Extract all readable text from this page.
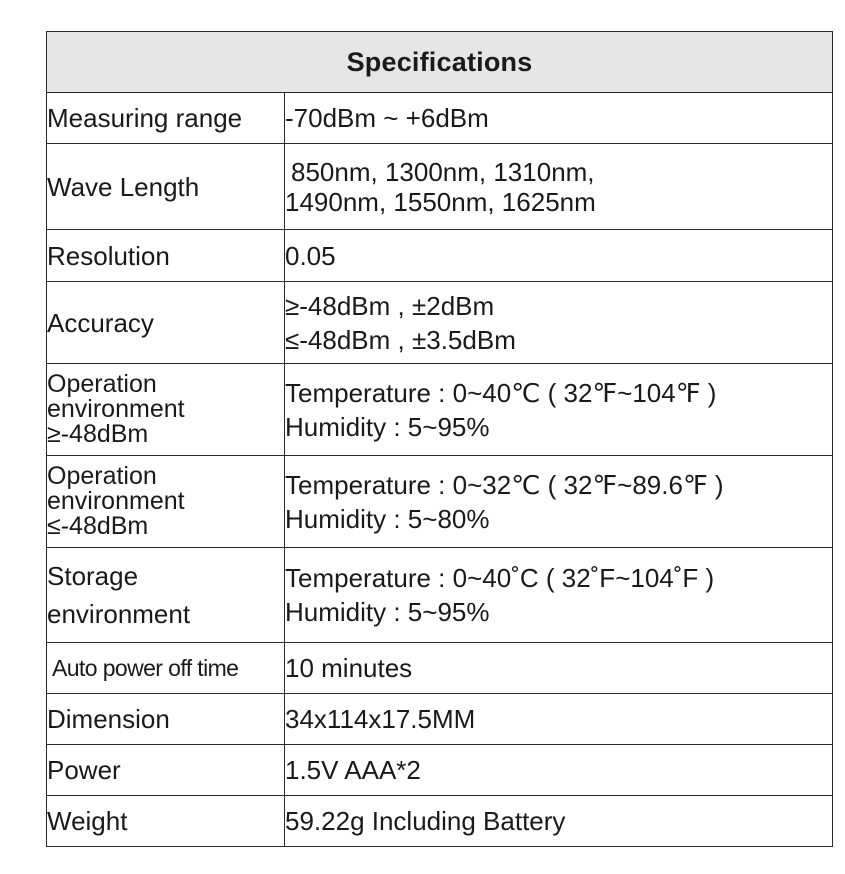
Specifications	

Measuring range	-70dBm ~ +6dBm

Wave Length	850nm, 1300nm, 1310nm,
1490nm, 1550nm, 1625nm

Resolution	0.05

Accuracy	≥-48dBm , ±2dBm
≤-48dBm , ±3.5dBm

Operation
environment
≥-48dBm	Temperature : 0~40℃ ( 32℉~104℉ )
Humidity : 5~95%

Operation
environment
≤-48dBm	Temperature : 0~32℃ ( 32℉~89.6℉ )
Humidity : 5~80%

Storage
environment	Temperature : 0~40˚C ( 32˚F~104˚F )
Humidity : 5~95%

Auto power off time	10 minutes

Dimension	34x114x17.5MM

Power	1.5V AAA*2

Weight	59.22g Including Battery
